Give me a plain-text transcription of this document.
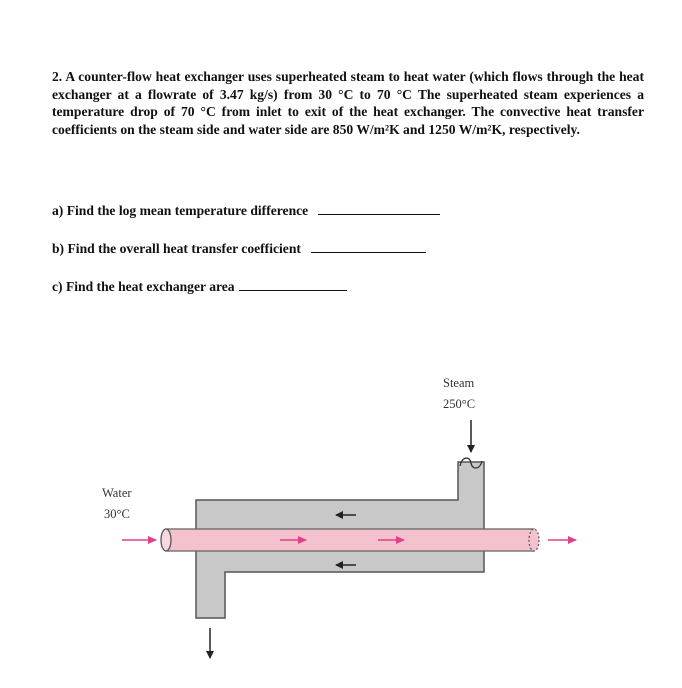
2. A counter-flow heat exchanger uses superheated steam to heat water (which flows through the heat exchanger at a flowrate of 3.47 kg/s) from 30 °C to 70 °C The superheated steam experiences a temperature drop of 70 °C from inlet to exit of the heat exchanger. The convective heat transfer coefficients on the steam side and water side are 850 W/m²K and 1250 W/m²K, respectively.
a) Find the log mean temperature difference
b) Find the overall heat transfer coefficient
c) Find the heat exchanger area
Steam
250°C
Water
30°C
